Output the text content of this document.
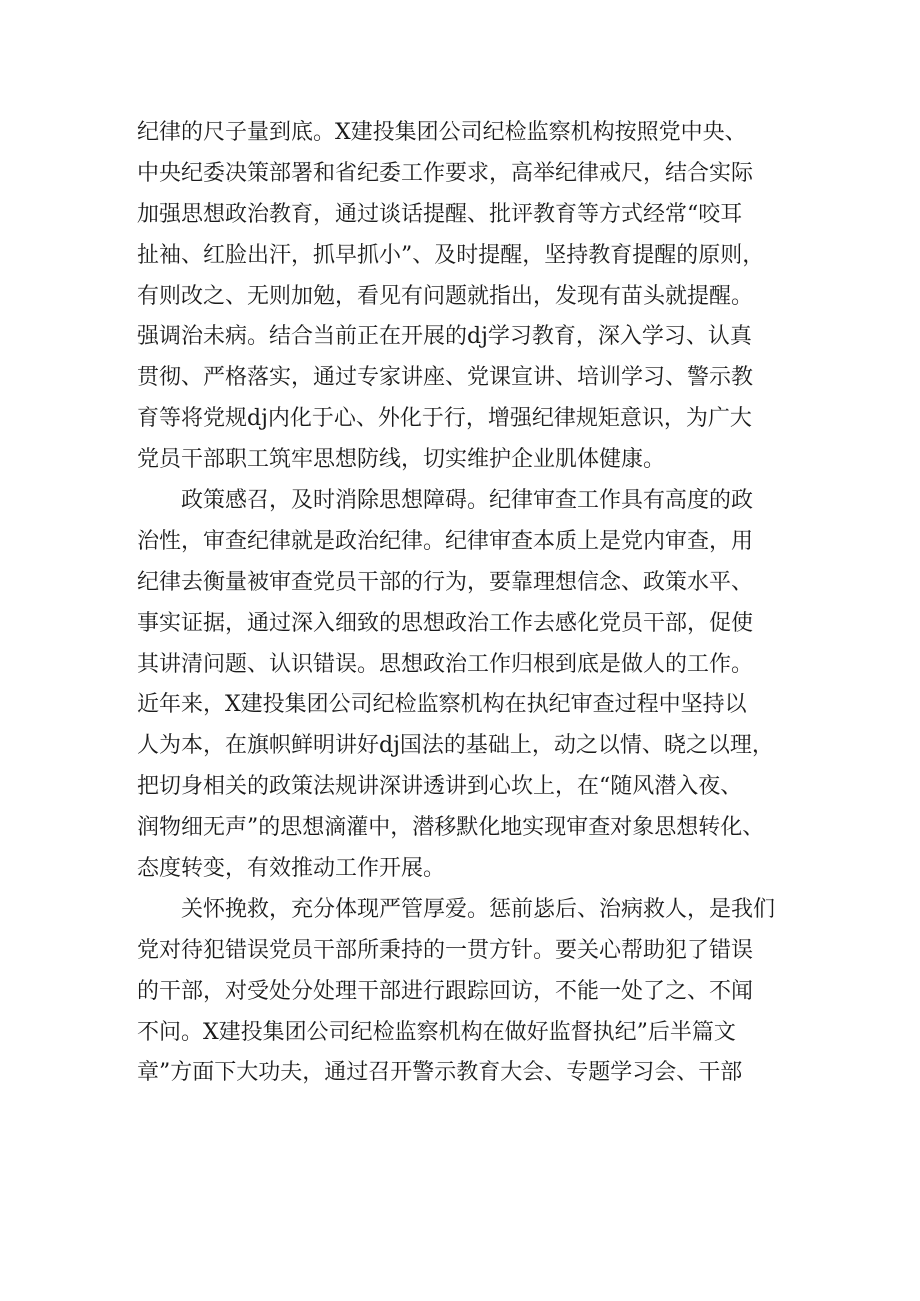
纪律的尺子量到底。X建投集团公司纪检监察机构按照党中央、
中央纪委决策部署和省纪委工作要求，高举纪律戒尺，结合实际
加强思想政治教育，通过谈话提醒、批评教育等方式经常“咬耳
扯袖、红脸出汗，抓早抓小”、及时提醒，坚持教育提醒的原则，
有则改之、无则加勉，看见有问题就指出，发现有苗头就提醒。
强调治未病。结合当前正在开展的dj学习教育，深入学习、认真
贯彻、严格落实，通过专家讲座、党课宣讲、培训学习、警示教
育等将党规dj内化于心、外化于行，增强纪律规矩意识，为广大
党员干部职工筑牢思想防线，切实维护企业肌体健康。
政策感召，及时消除思想障碍。纪律审查工作具有高度的政
治性，审查纪律就是政治纪律。纪律审查本质上是党内审查，用
纪律去衡量被审查党员干部的行为，要靠理想信念、政策水平、
事实证据，通过深入细致的思想政治工作去感化党员干部，促使
其讲清问题、认识错误。思想政治工作归根到底是做人的工作。
近年来，X建投集团公司纪检监察机构在执纪审查过程中坚持以
人为本，在旗帜鲜明讲好dj国法的基础上，动之以情、晓之以理，
把切身相关的政策法规讲深讲透讲到心坎上，在“随风潜入夜、
润物细无声”的思想滴灌中，潜移默化地实现审查对象思想转化、
态度转变，有效推动工作开展。
关怀挽救，充分体现严管厚爱。惩前毖后、治病救人，是我们
党对待犯错误党员干部所秉持的一贯方针。要关心帮助犯了错误
的干部，对受处分处理干部进行跟踪回访，不能一处了之、不闻
不问。X建投集团公司纪检监察机构在做好监督执纪”后半篇文
章”方面下大功夫，通过召开警示教育大会、专题学习会、干部
